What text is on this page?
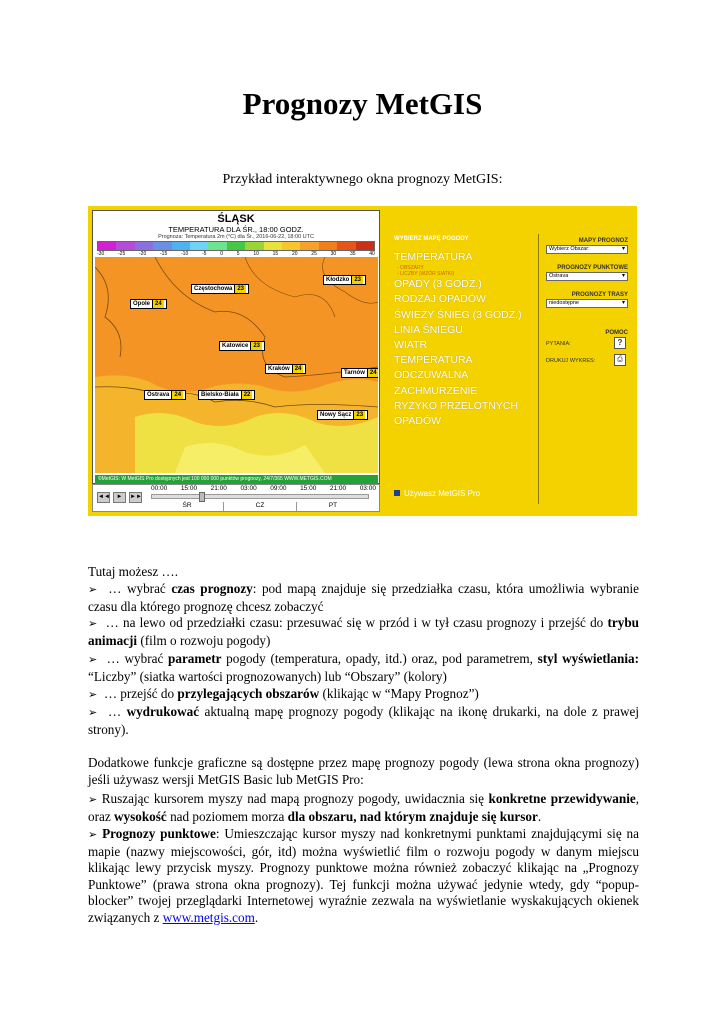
Prognozy MetGIS
Przykład interaktywnego okna prognozy MetGIS:
ŚLĄSK
TEMPERATURA DLA ŚR., 18:00 GODZ.
Prognoza: Temperatura 2m (°C) dla Śr., 2016-06-22, 18:00 UTC
-30	-25	-20	-15	-10	-5	0	5	10	15	20	25	30	35	40
Kłodzko 23
Częstochowa 23
Opole 24
Katowice 23
Kraków 24
Tarnów 24
Ostrava 24	Bielsko-Biała 22
Nowy Sącz 23
©MetGIS: W MetGIS Pro dostępnych jest 100 000 000 punktów prognozy, 24/7/365 WWW.METGIS.COM
◄◄	►	►►
00:00 15:00 21:00 03:00 09:00 15:00 21:00 03:00
ŚR	CZ	PT
WYBIERZ MAPĘ POGODY
TEMPERATURA
- OBSZARY
- LICZBY (WZÓR SIATKI)
OPADY (3 GODZ.)
RODZAJ OPADÓW
ŚWIEŻY ŚNIEG (3 GODZ.)
LINIA ŚNIEGU
WIATR
TEMPERATURA
ODCZUWALNA
ZACHMURZENIE
RYZYKO PRZELOTNYCH
OPADÓW
MAPY PROGNOZ
Wybierz Obszar: ▾
PROGNOZY PUNKTOWE
Ostrava ▾
PROGNOZY TRASY
niedostępne ▾
POMOC
PYTANIA:	?
DRUKUJ WYKRES:	⎙
Używasz MetGIS Pro
Tutaj możesz ….
➢ … wybrać czas prognozy: pod mapą znajduje się przedziałka czasu, która umożliwia wybranie czasu dla którego prognozę chcesz zobaczyć
➢ … na lewo od przedziałki czasu: przesuwać się w przód i w tył czasu prognozy i przejść do trybu animacji (film o rozwoju pogody)
➢ … wybrać parametr pogody (temperatura, opady, itd.) oraz, pod parametrem, styl wyświetlania: “Liczby” (siatka wartości prognozowanych) lub “Obszary” (kolory)
➢ … przejść do przylegających obszarów (klikając w “Mapy Prognoz”)
➢ … wydrukować aktualną mapę prognozy pogody (klikając na ikonę drukarki, na dole z prawej strony).
Dodatkowe funkcje graficzne są dostępne przez mapę prognozy pogody (lewa strona okna prognozy) jeśli używasz wersji MetGIS Basic lub MetGIS Pro:
➢ Ruszając kursorem myszy nad mapą prognozy pogody, uwidacznia się konkretne przewidywanie, oraz wysokość nad poziomem morza dla obszaru, nad którym znajduje się kursor.
➢ Prognozy punktowe: Umieszczając kursor myszy nad konkretnymi punktami znajdującymi się na mapie (nazwy miejscowości, gór, itd) można wyświetlić film o rozwoju pogody w danym miejscu klikając lewy przycisk myszy. Prognozy punktowe można również zobaczyć klikając na „Prognozy Punktowe” (prawa strona okna prognozy). Tej funkcji można używać jedynie wtedy, gdy “popup-blocker” twojej przeglądarki Internetowej wyraźnie zezwala na wyświetlanie wyskakujących okienek związanych z www.metgis.com.
